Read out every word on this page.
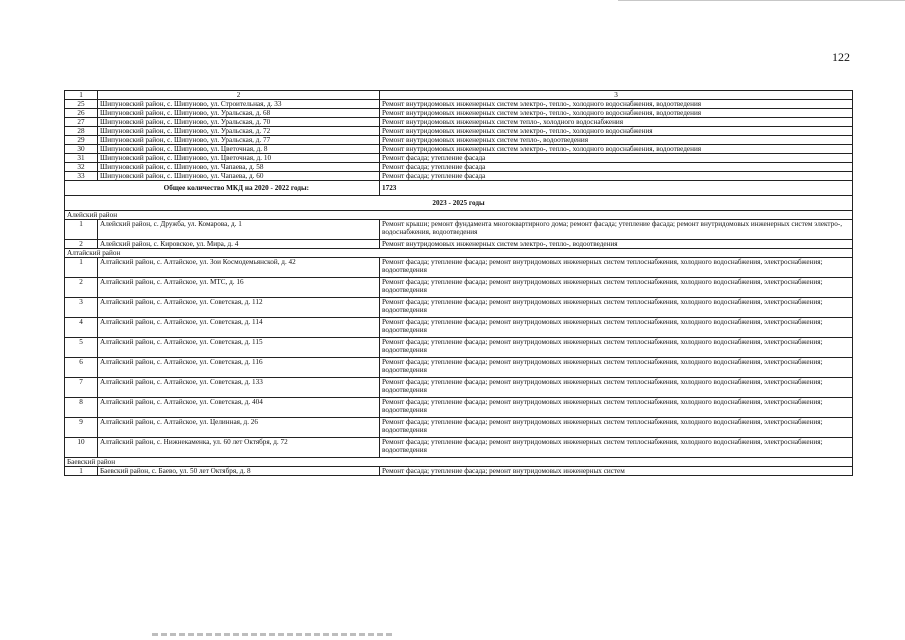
122
1	2	3
25	Шипуновский район, с. Шипуново, ул. Строительная, д. 33	Ремонт внутридомовых инженерных систем электро-, тепло-, холодного водоснабжения, водоотведения
26	Шипуновский район, с. Шипуново, ул. Уральская, д. 68	Ремонт внутридомовых инженерных систем электро-, тепло-, холодного водоснабжения, водоотведения
27	Шипуновский район, с. Шипуново, ул. Уральская, д. 70	Ремонт внутридомовых инженерных систем тепло-, холодного водоснабжения
28	Шипуновский район, с. Шипуново, ул. Уральская, д. 72	Ремонт внутридомовых инженерных систем электро-, тепло-, холодного водоснабжения
29	Шипуновский район, с. Шипуново, ул. Уральская, д. 77	Ремонт внутридомовых инженерных систем тепло-, водоотведения
30	Шипуновский район, с. Шипуново, ул. Цветочная, д. 8	Ремонт внутридомовых инженерных систем электро-, тепло-, холодного водоснабжения, водоотведения
31	Шипуновский район, с. Шипуново, ул. Цветочная, д. 10	Ремонт фасада; утепление фасада
32	Шипуновский район, с. Шипуново, ул. Чапаева, д. 58	Ремонт фасада; утепление фасада
33	Шипуновский район, с. Шипуново, ул. Чапаева, д. 60	Ремонт фасада; утепление фасада
Общее количество МКД на 2020 - 2022 годы:		1723
2023 - 2025 годы		
Алейский район		
1	Алейский район, с. Дружба, ул. Комарова, д. 1	Ремонт крыши; ремонт фундамента многоквартирного дома; ремонт фасада; утепление фасада; ремонт внутридомовых инженерных систем электро-, водоснабжения, водоотведения
2	Алейский район, с. Кировское, ул. Мира, д. 4	Ремонт внутридомовых инженерных систем электро-, тепло-, водоотведения
Алтайский район		
1	Алтайский район, с. Алтайское, ул. Зои Космодемьянской, д. 42	Ремонт фасада; утепление фасада; ремонт внутридомовых инженерных систем теплоснабжения, холодного водоснабжения, электроснабжения; водоотведения
2	Алтайский район, с. Алтайское, ул. МТС, д. 16	Ремонт фасада; утепление фасада; ремонт внутридомовых инженерных систем теплоснабжения, холодного водоснабжения, электроснабжения; водоотведения
3	Алтайский район, с. Алтайское, ул. Советская, д. 112	Ремонт фасада; утепление фасада; ремонт внутридомовых инженерных систем теплоснабжения, холодного водоснабжения, электроснабжения; водоотведения
4	Алтайский район, с. Алтайское, ул. Советская, д. 114	Ремонт фасада; утепление фасада; ремонт внутридомовых инженерных систем теплоснабжения, холодного водоснабжения, электроснабжения; водоотведения
5	Алтайский район, с. Алтайское, ул. Советская, д. 115	Ремонт фасада; утепление фасада; ремонт внутридомовых инженерных систем теплоснабжения, холодного водоснабжения, электроснабжения; водоотведения
6	Алтайский район, с. Алтайское, ул. Советская, д. 116	Ремонт фасада; утепление фасада; ремонт внутридомовых инженерных систем теплоснабжения, холодного водоснабжения, электроснабжения; водоотведения
7	Алтайский район, с. Алтайское, ул. Советская, д. 133	Ремонт фасада; утепление фасада; ремонт внутридомовых инженерных систем теплоснабжения, холодного водоснабжения, электроснабжения; водоотведения
8	Алтайский район, с. Алтайское, ул. Советская, д. 404	Ремонт фасада; утепление фасада; ремонт внутридомовых инженерных систем теплоснабжения, холодного водоснабжения, электроснабжения; водоотведения
9	Алтайский район, с. Алтайское, ул. Целинная, д. 26	Ремонт фасада; утепление фасада; ремонт внутридомовых инженерных систем теплоснабжения, холодного водоснабжения, электроснабжения; водоотведения
10	Алтайский район, с. Нижнекаменка, ул. 60 лет Октября, д. 72	Ремонт фасада; утепление фасада; ремонт внутридомовых инженерных систем теплоснабжения, холодного водоснабжения, электроснабжения; водоотведения
Баевский район		
1	Баевский район, с. Баево, ул. 50 лет Октября, д. 8	Ремонт фасада; утепление фасада; ремонт внутридомовых инженерных систем
